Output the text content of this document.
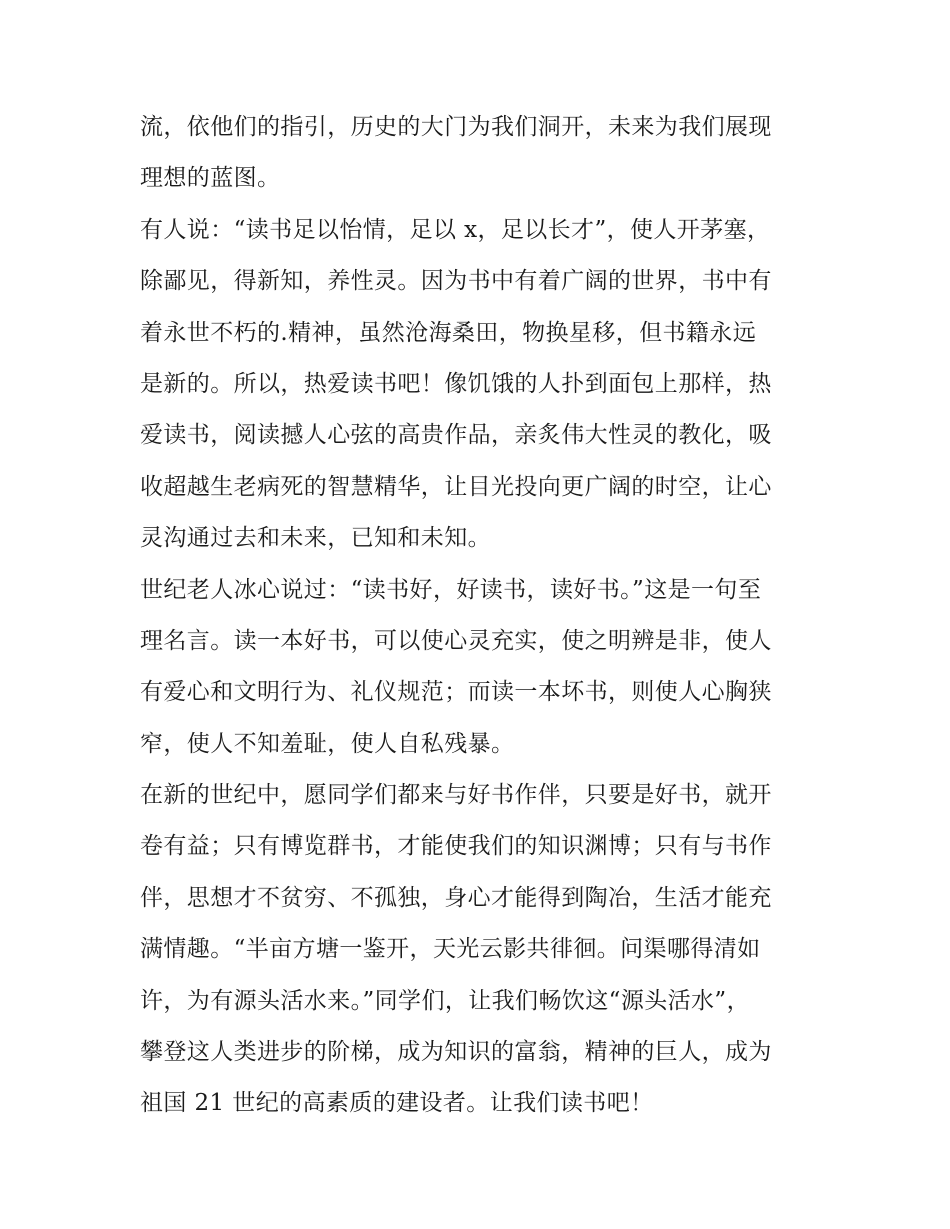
流，依他们的指引，历史的大门为我们洞开，未来为我们展现
理想的蓝图。
有人说：“读书足以怡情，足以 x，足以长才”，使人开茅塞，
除鄙见，得新知，养性灵。因为书中有着广阔的世界，书中有
着永世不朽的.精神，虽然沧海桑田，物换星移，但书籍永远
是新的。所以，热爱读书吧！像饥饿的人扑到面包上那样，热
爱读书，阅读撼人心弦的高贵作品，亲炙伟大性灵的教化，吸
收超越生老病死的智慧精华，让目光投向更广阔的时空，让心
灵沟通过去和未来，已知和未知。
世纪老人冰心说过：“读书好，好读书，读好书。”这是一句至
理名言。读一本好书，可以使心灵充实，使之明辨是非，使人
有爱心和文明行为、礼仪规范；而读一本坏书，则使人心胸狭
窄，使人不知羞耻，使人自私残暴。
在新的世纪中，愿同学们都来与好书作伴，只要是好书，就开
卷有益；只有博览群书，才能使我们的知识渊博；只有与书作
伴，思想才不贫穷、不孤独，身心才能得到陶冶，生活才能充
满情趣。“半亩方塘一鉴开，天光云影共徘徊。问渠哪得清如
许，为有源头活水来。”同学们，让我们畅饮这“源头活水”，
攀登这人类进步的阶梯，成为知识的富翁，精神的巨人，成为
祖国 21 世纪的高素质的建设者。让我们读书吧！
